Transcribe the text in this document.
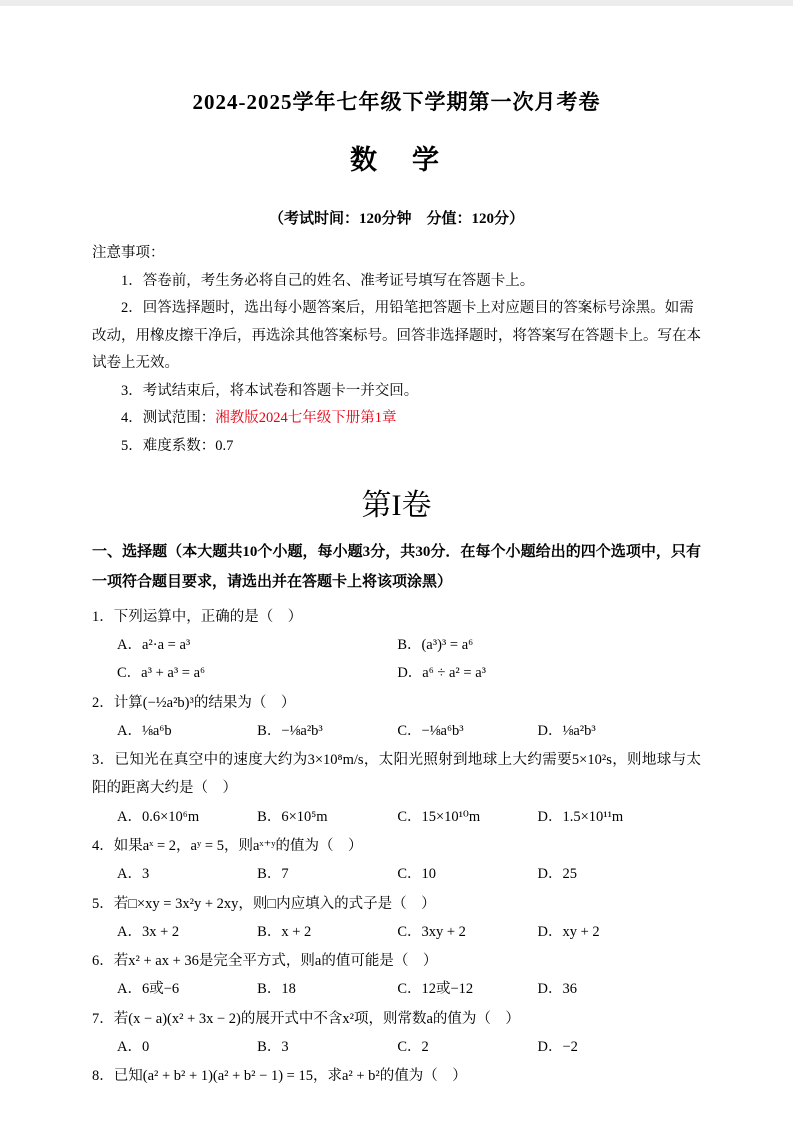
2024-2025学年七年级下学期第一次月考卷
数　学
（考试时间：120分钟　分值：120分）
注意事项：

1．答卷前，考生务必将自己的姓名、准考证号填写在答题卡上。

2．回答选择题时，选出每小题答案后，用铅笔把答题卡上对应题目的答案标号涂黑。如需改动，用橡皮擦干净后，再选涂其他答案标号。回答非选择题时，将答案写在答题卡上。写在本试卷上无效。

3．考试结束后，将本试卷和答题卡一并交回。

4．测试范围：湘教版2024七年级下册第1章

5．难度系数：0.7

第I卷
一、选择题（本大题共10个小题，每小题3分，共30分．在每个小题给出的四个选项中，只有一项符合题目要求，请选出并在答题卡上将该项涂黑）

1．下列运算中，正确的是（　）

A．a²·a = a³	B．(a³)³ = a⁶
C．a³ + a³ = a⁶	D．a⁶ ÷ a² = a³

2．计算(−½a²b)³的结果为（　）

A．⅛a⁶b	B．−⅛a²b³	C．−⅛a⁶b³	D．⅛a²b³

3．已知光在真空中的速度大约为3×10⁸m/s，太阳光照射到地球上大约需要5×10²s，则地球与太阳的距离大约是（　）

A．0.6×10⁶m	B．6×10⁵m	C．15×10¹⁰m	D．1.5×10¹¹m

4．如果aˣ = 2，aʸ = 5，则aˣ⁺ʸ的值为（　）

A．3	B．7	C．10	D．25

5．若□×xy = 3x²y + 2xy，则□内应填入的式子是（　）

A．3x + 2	B．x + 2	C．3xy + 2	D．xy + 2

6．若x² + ax + 36是完全平方式，则a的值可能是（　）

A．6或−6	B．18	C．12或−12	D．36

7．若(x − a)(x² + 3x − 2)的展开式中不含x²项，则常数a的值为（　）

A．0	B．3	C．2	D．−2

8．已知(a² + b² + 1)(a² + b² − 1) = 15，求a² + b²的值为（　）
